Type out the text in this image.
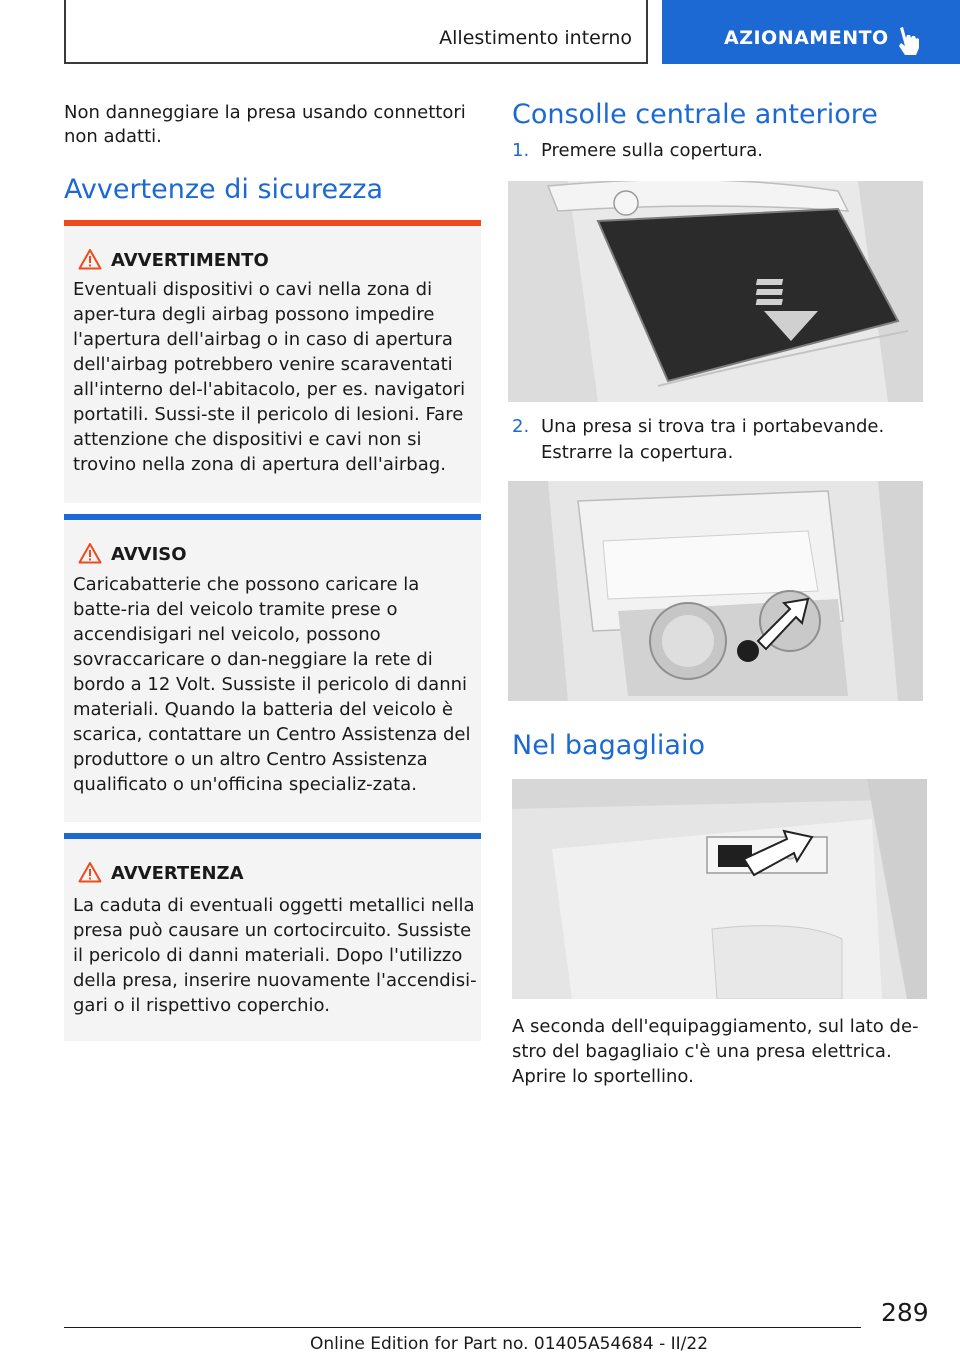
Allestimento interno	AZIONAMENTO

Non danneggiare la presa usando connettori non adatti.

Avvertenze di sicurezza
AVVERTIMENTO

Eventuali dispositivi o cavi nella zona di aper-tura degli airbag possono impedire l'apertura dell'airbag o in caso di apertura dell'airbag potrebbero venire scaraventati all'interno del-l'abitacolo, per es. navigatori portatili. Sussi-ste il pericolo di lesioni. Fare attenzione che dispositivi e cavi non si trovino nella zona di apertura dell'airbag.

AVVISO

Caricabatterie che possono caricare la batte-ria del veicolo tramite prese o accendisigari nel veicolo, possono sovraccaricare o dan-neggiare la rete di bordo a 12 Volt. Sussiste il pericolo di danni materiali. Quando la batteria del veicolo è scarica, contattare un Centro Assistenza del produttore o un altro Centro Assistenza qualificato o un'officina specializ-zata.

AVVERTENZA

La caduta di eventuali oggetti metallici nella presa può causare un cortocircuito. Sussiste il pericolo di danni materiali. Dopo l'utilizzo della presa, inserire nuovamente l'accendisi-gari o il rispettivo coperchio.

Consolle centrale anteriore
1. Premere sulla copertura.

2. Una presa si trova tra i portabevande. Estrarre la copertura.

Nel bagagliaio

A seconda dell'equipaggiamento, sul lato de-stro del bagagliaio c'è una presa elettrica. Aprire lo sportellino.

289
Online Edition for Part no. 01405A54684 - II/22
